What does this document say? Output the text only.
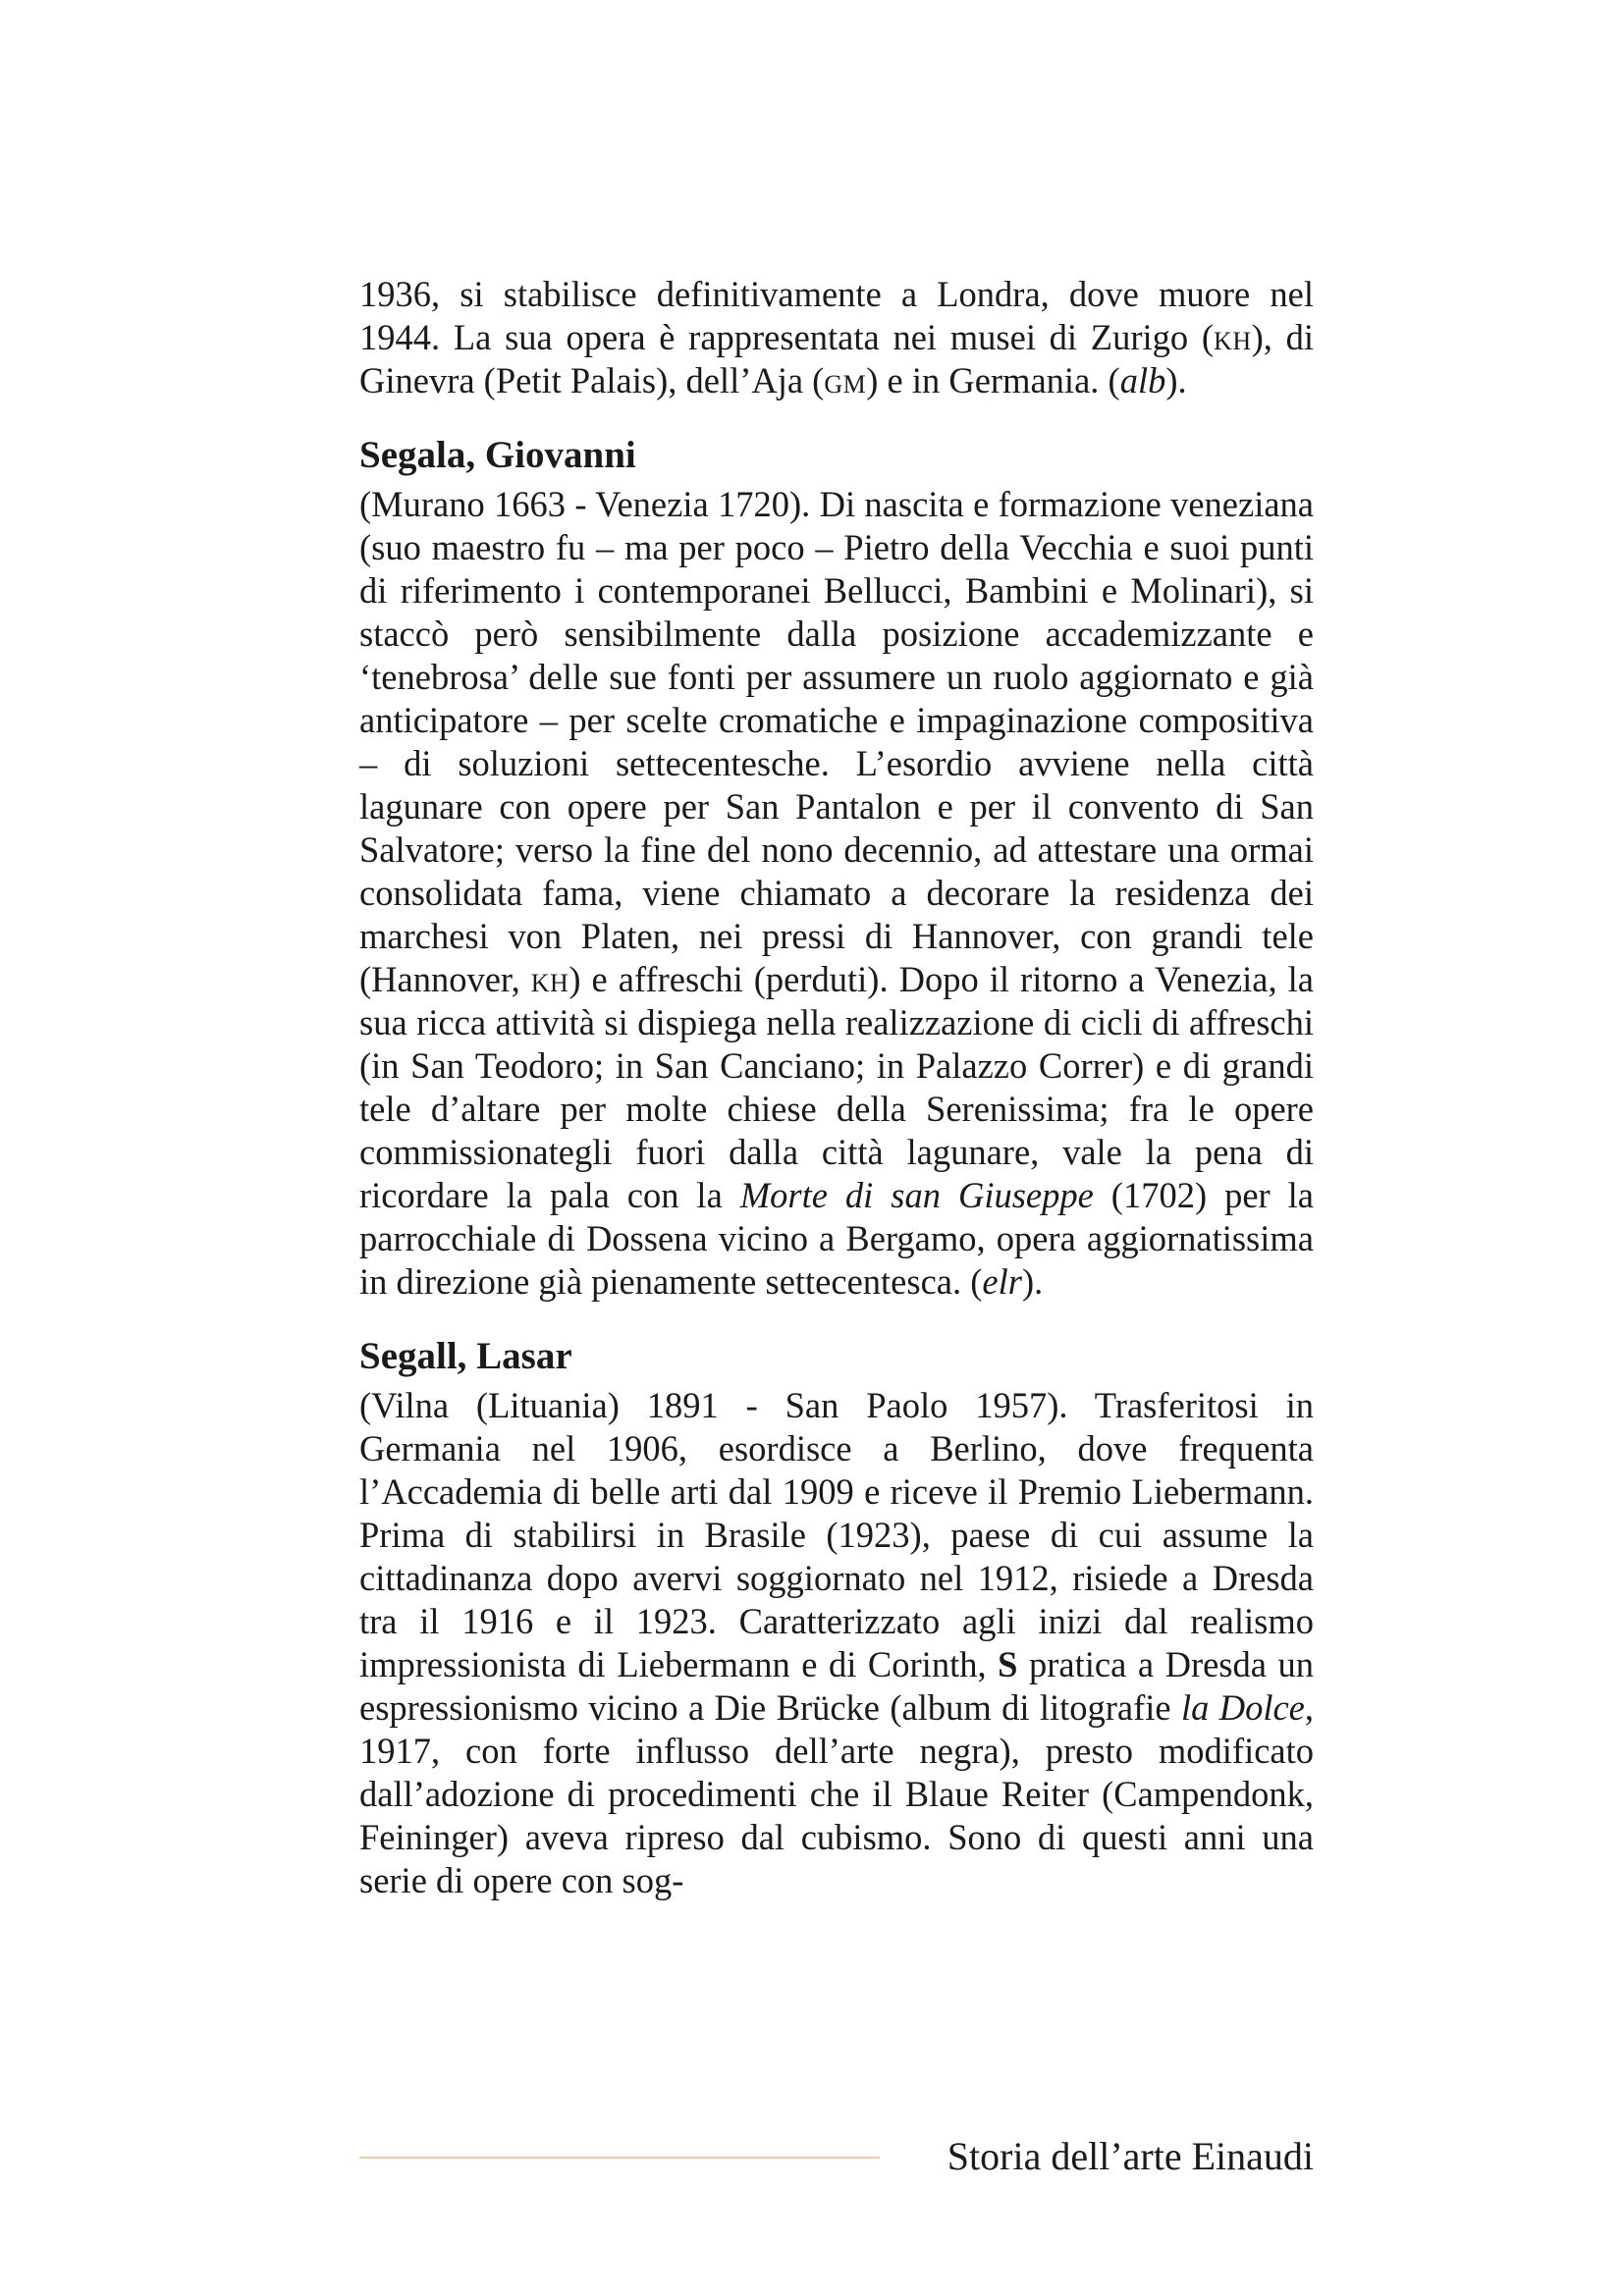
1936, si stabilisce definitivamente a Londra, dove muore nel 1944. La sua opera è rappresentata nei musei di Zurigo (kh), di Ginevra (Petit Palais), dell’Aja (gm) e in Germania. (alb).

Segala, Giovanni

(Murano 1663 - Venezia 1720). Di nascita e formazione veneziana (suo maestro fu – ma per poco – Pietro della Vecchia e suoi punti di riferimento i contemporanei Bellucci, Bambini e Molinari), si staccò però sensibilmente dalla posizione accademizzante e ‘tenebrosa’ delle sue fonti per assumere un ruolo aggiornato e già anticipatore – per scelte cromatiche e impaginazione compositiva – di soluzioni settecentesche. L’esordio avviene nella città lagunare con opere per San Pantalon e per il convento di San Salvatore; verso la fine del nono decennio, ad attestare una ormai consolidata fama, viene chiamato a decorare la residenza dei marchesi von Platen, nei pressi di Hannover, con grandi tele (Hannover, kh) e affreschi (perduti). Dopo il ritorno a Venezia, la sua ricca attività si dispiega nella realizzazione di cicli di affreschi (in San Teodoro; in San Canciano; in Palazzo Correr) e di grandi tele d’altare per molte chiese della Serenissima; fra le opere commissionategli fuori dalla città lagunare, vale la pena di ricordare la pala con la Morte di san Giuseppe (1702) per la parrocchiale di Dossena vicino a Bergamo, opera aggiornatissima in direzione già pienamente settecentesca. (elr).

Segall, Lasar

(Vilna (Lituania) 1891 - San Paolo 1957). Trasferitosi in Germania nel 1906, esordisce a Berlino, dove frequenta l’Accademia di belle arti dal 1909 e riceve il Premio Liebermann. Prima di stabilirsi in Brasile (1923), paese di cui assume la cittadinanza dopo avervi soggiornato nel 1912, risiede a Dresda tra il 1916 e il 1923. Caratterizzato agli inizi dal realismo impressionista di Liebermann e di Corinth, S pratica a Dresda un espressionismo vicino a Die Brücke (album di litografie la Dolce, 1917, con forte influsso dell’arte negra), presto modificato dall’adozione di procedimenti che il Blaue Reiter (Campendonk, Feininger) aveva ripreso dal cubismo. Sono di questi anni una serie di opere con sog-

Storia dell’arte Einaudi
